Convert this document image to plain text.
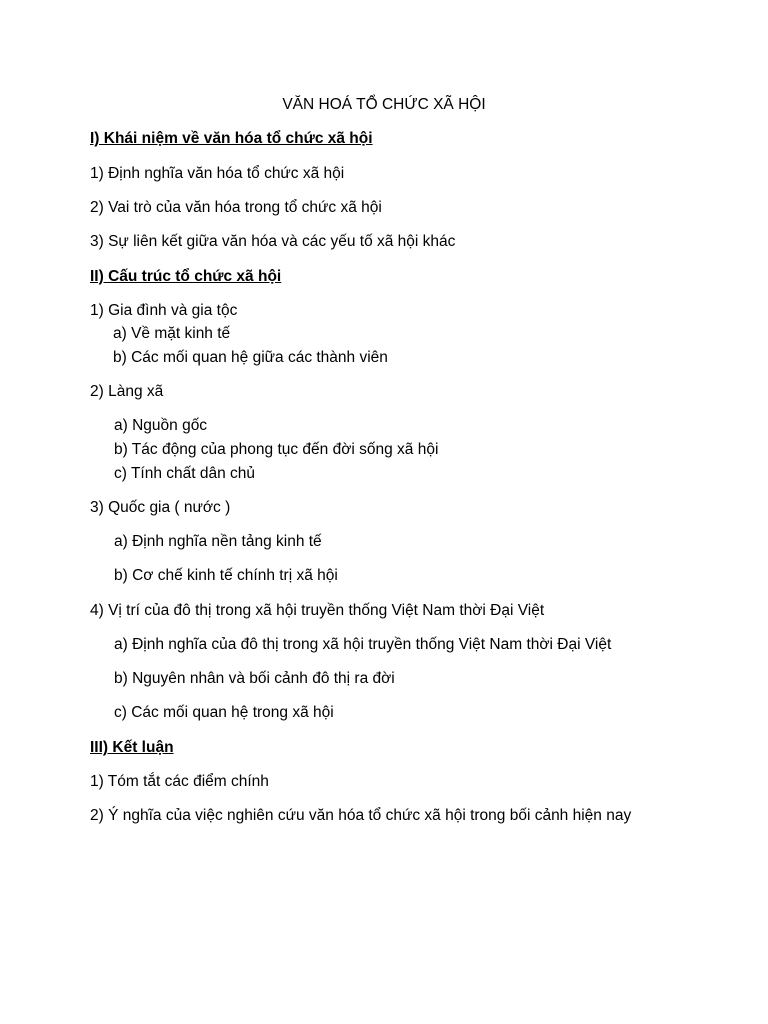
VĂN HOÁ TỔ CHỨC XÃ HỘI
I) Khái niệm về văn hóa tổ chức xã hội
1) Định nghĩa văn hóa tổ chức xã hội
2) Vai trò của văn hóa trong tổ chức xã hội
3) Sự liên kết giữa văn hóa và các yếu tố xã hội khác
II) Cấu trúc tổ chức xã hội
1) Gia đình và gia tộc
a) Về mặt kinh tế
b) Các mối quan hệ giữa các thành viên
2) Làng xã
a) Nguồn gốc
b) Tác động của phong tục đến đời sống xã hội
c) Tính chất dân chủ
3) Quốc gia ( nước )
a) Định nghĩa nền tảng kinh tế
b) Cơ chế kinh tế chính trị xã hội
4) Vị trí của đô thị trong xã hội truyền thống Việt Nam thời Đại Việt
a) Định nghĩa của đô thị trong xã hội truyền thống Việt Nam thời Đại Việt
b) Nguyên nhân và bối cảnh đô thị ra đời
c) Các mối quan hệ trong xã hội
III) Kết luận
1) Tóm tắt các điểm chính
2) Ý nghĩa của việc nghiên cứu văn hóa tổ chức xã hội trong bối cảnh hiện nay
